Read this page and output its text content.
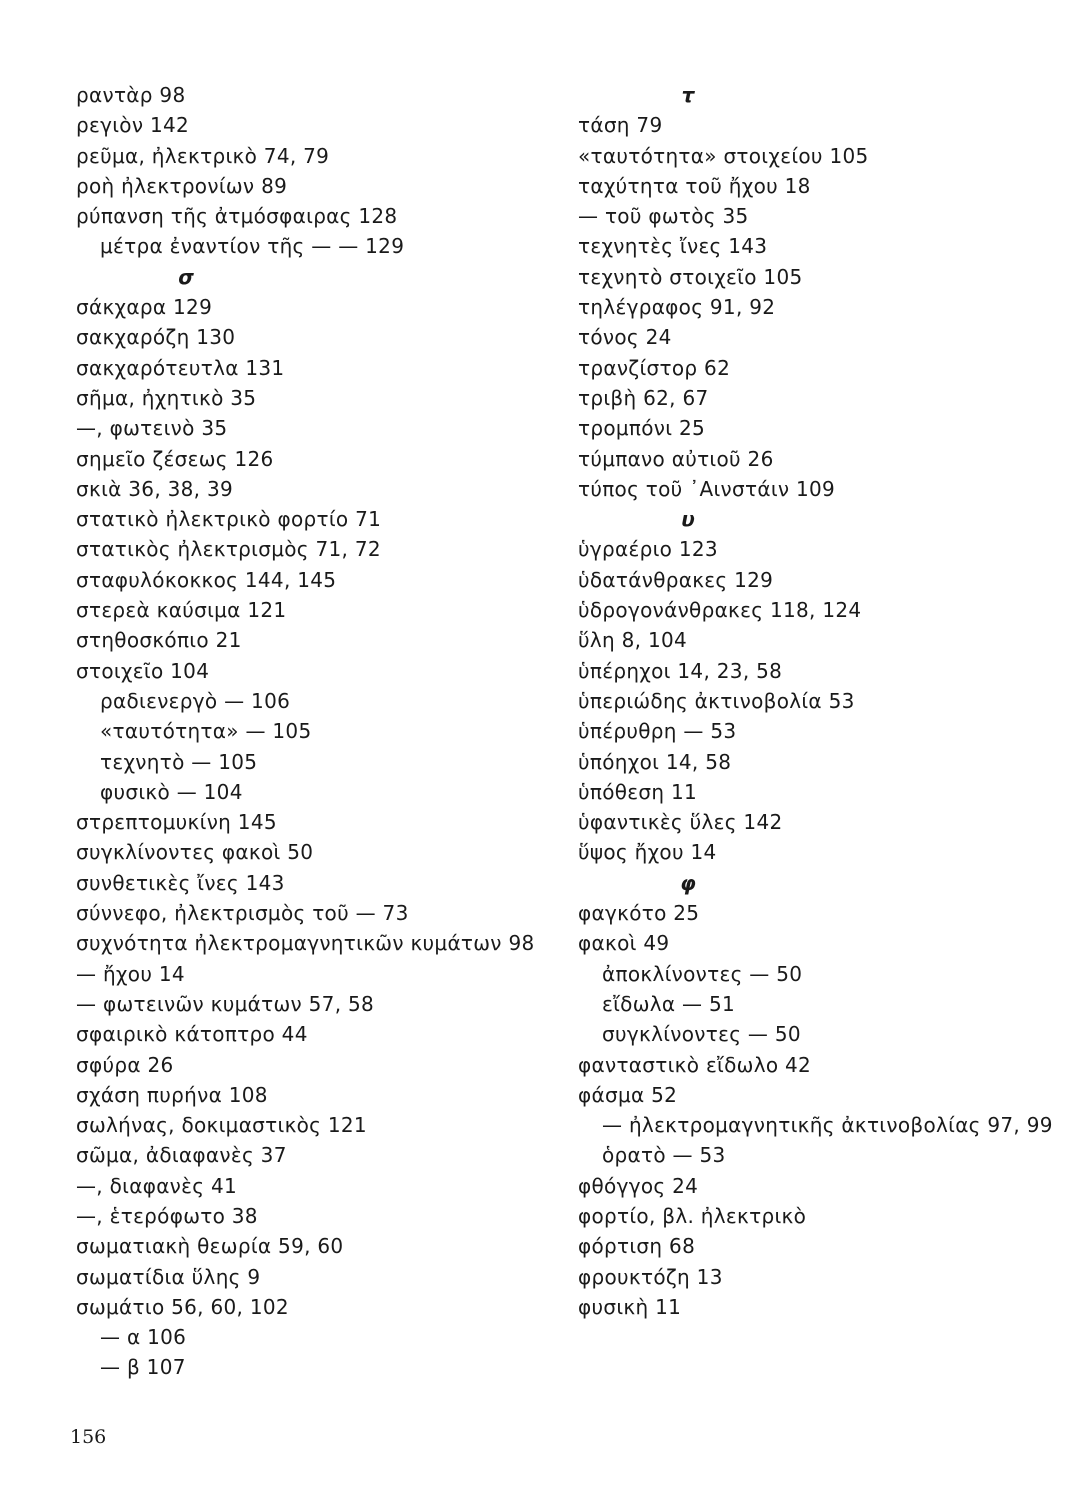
ραντὰρ 98
ρεγιὸν 142
ρεῦμα, ἠλεκτρικὸ 74, 79
ροὴ ἠλεκτρονίων 89
ρύπανση τῆς ἀτμόσφαιρας 128
μέτρα ἐναντίον τῆς — — 129
σ
σάκχαρα 129
σακχαρόζη 130
σακχαρότευτλα 131
σῆμα, ἠχητικὸ 35
—, φωτεινὸ 35
σημεῖο ζέσεως 126
σκιὰ 36, 38, 39
στατικὸ ἠλεκτρικὸ φορτίο 71
στατικὸς ἠλεκτρισμὸς 71, 72
σταφυλόκοκκος 144, 145
στερεὰ καύσιμα 121
στηθοσκόπιο 21
στοιχεῖο 104
ραδιενεργὸ — 106
«ταυτότητα» — 105
τεχνητὸ — 105
φυσικὸ — 104
στρεπτομυκίνη 145
συγκλίνοντες φακοὶ 50
συνθετικὲς ἴνες 143
σύννεφο, ἠλεκτρισμὸς τοῦ — 73
συχνότητα ἠλεκτρομαγνητικῶν κυμάτων 98
— ἤχου 14
— φωτεινῶν κυμάτων 57, 58
σφαιρικὸ κάτοπτρο 44
σφύρα 26
σχάση πυρήνα 108
σωλήνας, δοκιμαστικὸς 121
σῶμα, ἀδιαφανὲς 37
—, διαφανὲς 41
—, ἑτερόφωτο 38
σωματιακὴ θεωρία 59, 60
σωματίδια ὕλης 9
σωμάτιο 56, 60, 102
— α 106
— β 107
τ
τάση 79
«ταυτότητα» στοιχείου 105
ταχύτητα τοῦ ἤχου 18
— τοῦ φωτὸς 35
τεχνητὲς ἴνες 143
τεχνητὸ στοιχεῖο 105
τηλέγραφος 91, 92
τόνος 24
τρανζίστορ 62
τριβὴ 62, 67
τρομπόνι 25
τύμπανο αὐτιοῦ 26
τύπος τοῦ ᾿Αινστάιν 109
υ
ὑγραέριο 123
ὑδατάνθρακες 129
ὑδρογονάνθρακες 118, 124
ὕλη 8, 104
ὑπέρηχοι 14, 23, 58
ὑπεριώδης ἀκτινοβολία 53
ὑπέρυθρη — 53
ὑπόηχοι 14, 58
ὑπόθεση 11
ὑφαντικὲς ὕλες 142
ὕψος ἤχου 14
φ
φαγκότο 25
φακοὶ 49
ἀποκλίνοντες — 50
εἴδωλα — 51
συγκλίνοντες — 50
φανταστικὸ εἴδωλο 42
φάσμα 52
— ἠλεκτρομαγνητικῆς ἀκτινοβολίας 97, 99
ὁρατὸ — 53
φθόγγος 24
φορτίο, βλ. ἠλεκτρικὸ
φόρτιση 68
φρουκτόζη 13
φυσικὴ 11
156
